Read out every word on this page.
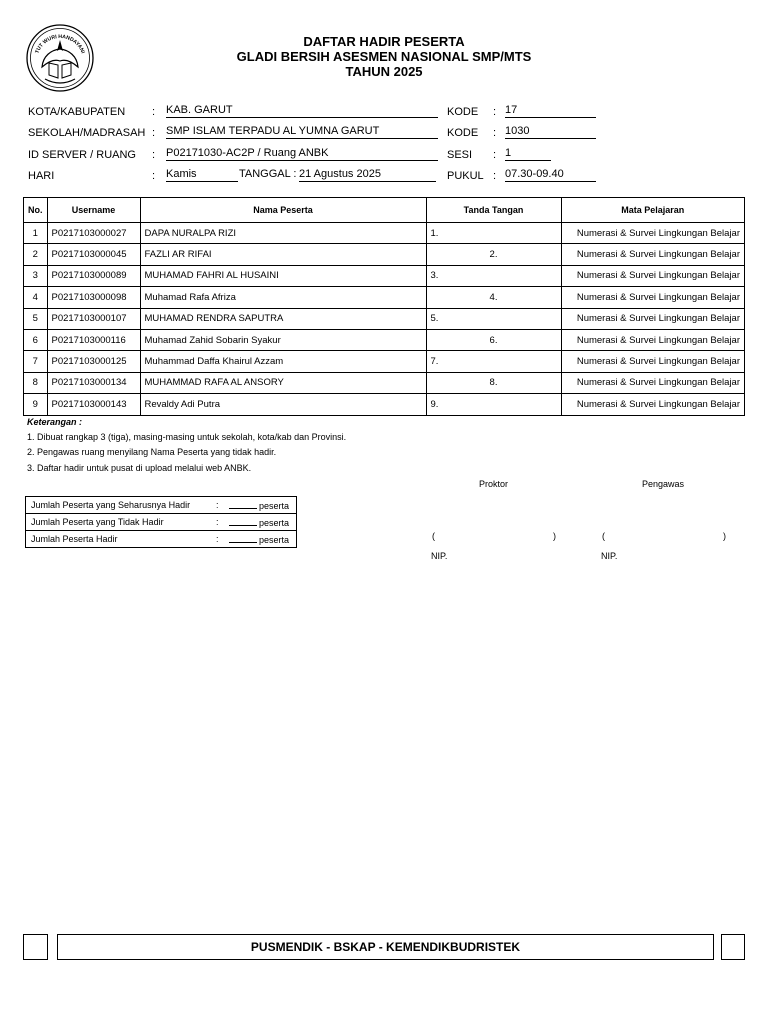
TUT WURI HANDAYANI
DAFTAR HADIR PESERTA
GLADI BERSIH ASESMEN NASIONAL SMP/MTS
TAHUN 2025
KOTA/KABUPATEN : KAB. GARUT	KODE : 17
SEKOLAH/MADRASAH : SMP ISLAM TERPADU AL YUMNA GARUT	KODE : 1030
ID SERVER / RUANG : P02171030-AC2P / Ruang ANBK	SESI : 1
HARI	: Kamis	TANGGAL : 21 Agustus 2025	PUKUL : 07.30-09.40
No.	Username	Nama Peserta	Tanda Tangan	Mata Pelajaran
1	P0217103000027	DAPA NURALPA RIZI	1.	Numerasi & Survei Lingkungan Belajar
2	P0217103000045	FAZLI AR RIFAI	2.	Numerasi & Survei Lingkungan Belajar
3	P0217103000089	MUHAMAD FAHRI AL HUSAINI	3.	Numerasi & Survei Lingkungan Belajar
4	P0217103000098	Muhamad Rafa Afriza	4.	Numerasi & Survei Lingkungan Belajar
5	P0217103000107	MUHAMAD RENDRA SAPUTRA	5.	Numerasi & Survei Lingkungan Belajar
6	P0217103000116	Muhamad Zahid Sobarin Syakur	6.	Numerasi & Survei Lingkungan Belajar
7	P0217103000125	Muhammad Daffa Khairul Azzam	7.	Numerasi & Survei Lingkungan Belajar
8	P0217103000134	MUHAMMAD RAFA AL ANSORY	8.	Numerasi & Survei Lingkungan Belajar
9	P0217103000143	Revaldy Adi Putra	9.	Numerasi & Survei Lingkungan Belajar
Keterangan :
1. Dibuat rangkap 3 (tiga), masing-masing untuk sekolah, kota/kab dan Provinsi.
2. Pengawas ruang menyilang Nama Peserta yang tidak hadir.
3. Daftar hadir untuk pusat di upload melalui web ANBK.
Proktor	Pengawas
Jumlah Peserta yang Seharusnya Hadir	:	peserta
Jumlah Peserta yang Tidak Hadir	:	peserta
Jumlah Peserta Hadir	:	peserta	(	)	(	)
NIP.	NIP.
PUSMENDIK - BSKAP - KEMENDIKBUDRISTEK
